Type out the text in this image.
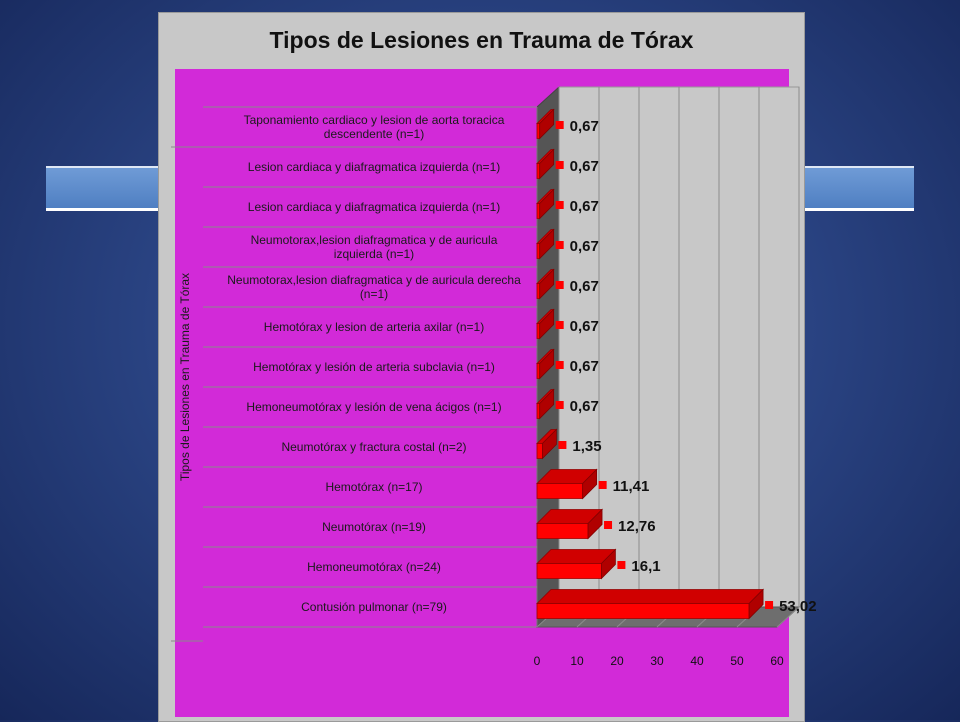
Tipos de Lesiones en Trauma de Tórax
0 10 20 30 40 50 60
Tipos de Lesiones en Trauma de Tórax
0,67
Taponamiento cardiaco y lesion de aorta toracica
descendente (n=1)
0,67
Lesion cardiaca y diafragmatica izquierda (n=1)
0,67
Lesion cardiaca y diafragmatica izquierda (n=1)
0,67
Neumotorax,lesion diafragmatica y de auricula
izquierda (n=1)
0,67
Neumotorax,lesion diafragmatica y de auricula derecha
(n=1)
0,67
Hemotórax y lesion de arteria axilar (n=1)
0,67
Hemotórax y lesión de arteria subclavia (n=1)
0,67
Hemoneumotórax y lesión de vena ácigos (n=1)
1,35
Neumotórax y fractura costal (n=2)
11,41
Hemotórax (n=17)
12,76
Neumotórax (n=19)
16,1
Hemoneumotórax (n=24)
53,02
Contusión pulmonar (n=79)
